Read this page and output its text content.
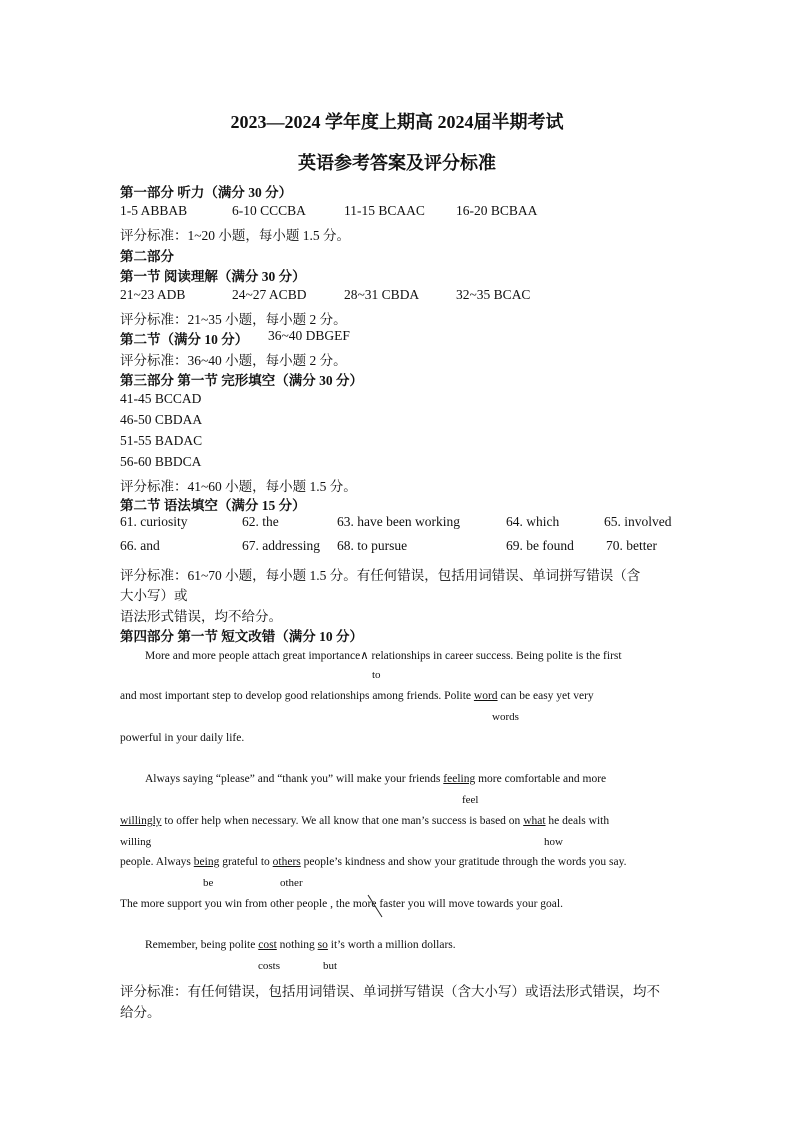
2023—2024 学年度上期高 2024届半期考试
英语参考答案及评分标准
第一部分 听力（满分 30 分）
1-5 ABBAB	6-10 CCCBA	11-15 BCAAC 16-20 BCBAA
评分标准：1~20 小题，每小题 1.5 分。
第二部分
第一节 阅读理解（满分 30 分）
21~23 ADB	24~27 ACBD	28~31 CBDA	32~35 BCAC
评分标准：21~35 小题，每小题 2 分。
第二节（满分 10 分） 36~40 DBGEF
评分标准：36~40 小题，每小题 2 分。
第三部分 第一节 完形填空（满分 30 分）
41-45 BCCAD
46-50 CBDAA
51-55 BADAC
56-60 BBDCA
评分标准：41~60 小题，每小题 1.5 分。
第二节 语法填空（满分 15 分）
61. curiosity	62. the	63. have been working	64. which	65. involved
66. and	67. addressing 68. to pursue	69. be found 70. better
评分标准：61~70 小题，每小题 1.5 分。有任何错误，包括用词错误、单词拼写错误（含
大小写）或
语法形式错误，均不给分。
第四部分 第一节 短文改错（满分 10 分）
More and more people attach great importance∧ relationships in career success. Being polite is the first
to
and most important step to develop good relationships among friends. Polite word can be easy yet very
words
powerful in your daily life.
Always saying “please” and “thank you” will make your friends feeling more comfortable and more
feel
willingly to offer help when necessary. We all know that one man’s success is based on what he deals with
willing	how
people. Always being grateful to others people’s kindness and show your gratitude through the words you say.
be	other
The more support you win from other people , the more faster you will move towards your goal.
Remember, being polite cost nothing so it’s worth a million dollars.
costs	but
评分标准：有任何错误，包括用词错误、单词拼写错误（含大小写）或语法形式错误，均不
给分。
